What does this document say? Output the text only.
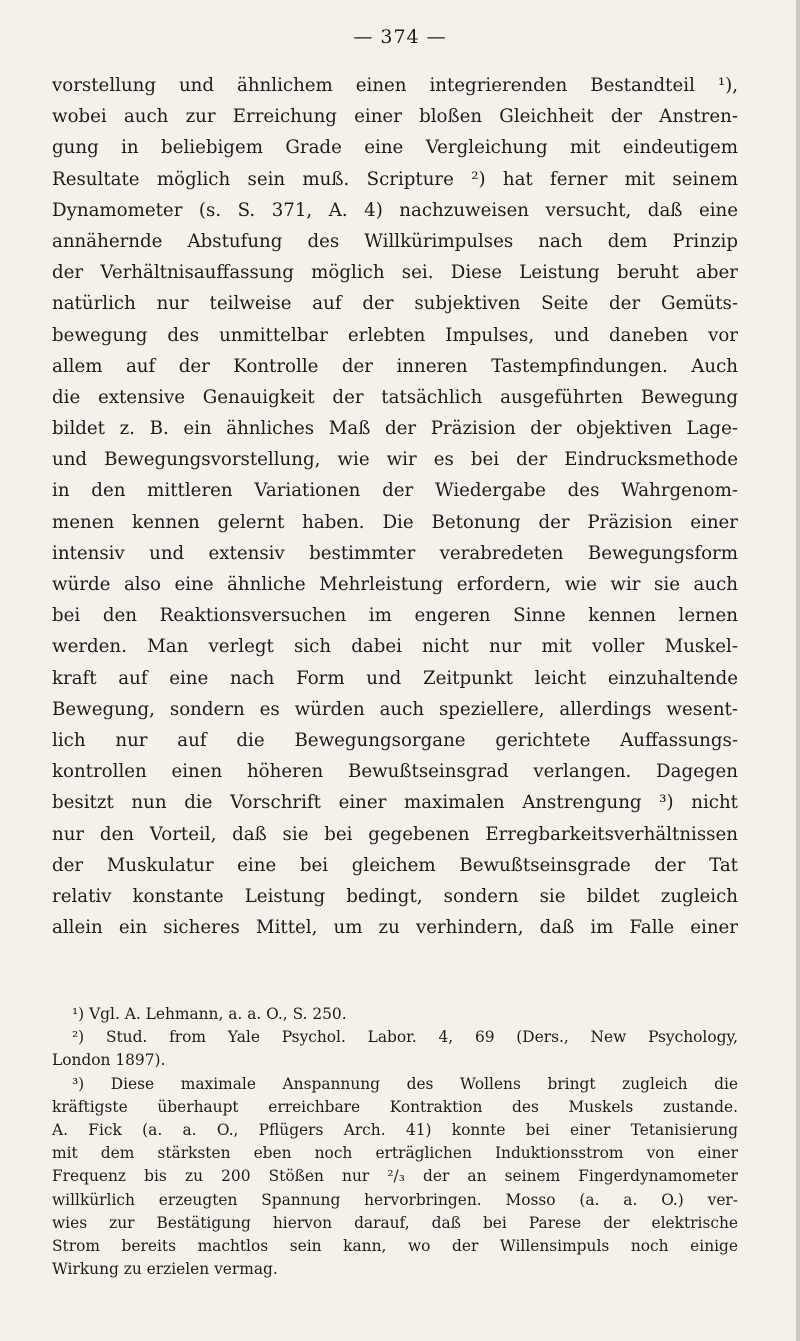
— 374 —
vorstellung und ähnlichem einen integrierenden Bestandteil ¹),
wobei auch zur Erreichung einer bloßen Gleichheit der Anstren-
gung in beliebigem Grade eine Vergleichung mit eindeutigem
Resultate möglich sein muß. Scripture ²) hat ferner mit seinem
Dynamometer (s. S. 371, A. 4) nachzuweisen versucht, daß eine
annähernde Abstufung des Willkürimpulses nach dem Prinzip
der Verhältnisauffassung möglich sei. Diese Leistung beruht aber
natürlich nur teilweise auf der subjektiven Seite der Gemüts-
bewegung des unmittelbar erlebten Impulses, und daneben vor
allem auf der Kontrolle der inneren Tastempfindungen. Auch
die extensive Genauigkeit der tatsächlich ausgeführten Bewegung
bildet z. B. ein ähnliches Maß der Präzision der objektiven Lage-
und Bewegungsvorstellung, wie wir es bei der Eindrucksmethode
in den mittleren Variationen der Wiedergabe des Wahrgenom-
menen kennen gelernt haben. Die Betonung der Präzision einer
intensiv und extensiv bestimmter verabredeten Bewegungsform
würde also eine ähnliche Mehrleistung erfordern, wie wir sie auch
bei den Reaktionsversuchen im engeren Sinne kennen lernen
werden. Man verlegt sich dabei nicht nur mit voller Muskel-
kraft auf eine nach Form und Zeitpunkt leicht einzuhaltende
Bewegung, sondern es würden auch speziellere, allerdings wesent-
lich nur auf die Bewegungsorgane gerichtete Auffassungs-
kontrollen einen höheren Bewußtseinsgrad verlangen. Dagegen
besitzt nun die Vorschrift einer maximalen Anstrengung ³) nicht
nur den Vorteil, daß sie bei gegebenen Erregbarkeitsverhältnissen
der Muskulatur eine bei gleichem Bewußtseinsgrade der Tat
relativ konstante Leistung bedingt, sondern sie bildet zugleich
allein ein sicheres Mittel, um zu verhindern, daß im Falle einer
¹) Vgl. A. Lehmann, a. a. O., S. 250.
²) Stud. from Yale Psychol. Labor. 4, 69 (Ders., New Psychology,
London 1897).
³) Diese maximale Anspannung des Wollens bringt zugleich die
kräftigste überhaupt erreichbare Kontraktion des Muskels zustande.
A. Fick (a. a. O., Pflügers Arch. 41) konnte bei einer Tetanisierung
mit dem stärksten eben noch erträglichen Induktionsstrom von einer
Frequenz bis zu 200 Stößen nur ²/₃ der an seinem Fingerdynamometer
willkürlich erzeugten Spannung hervorbringen. Mosso (a. a. O.) ver-
wies zur Bestätigung hiervon darauf, daß bei Parese der elektrische
Strom bereits machtlos sein kann, wo der Willensimpuls noch einige
Wirkung zu erzielen vermag.
